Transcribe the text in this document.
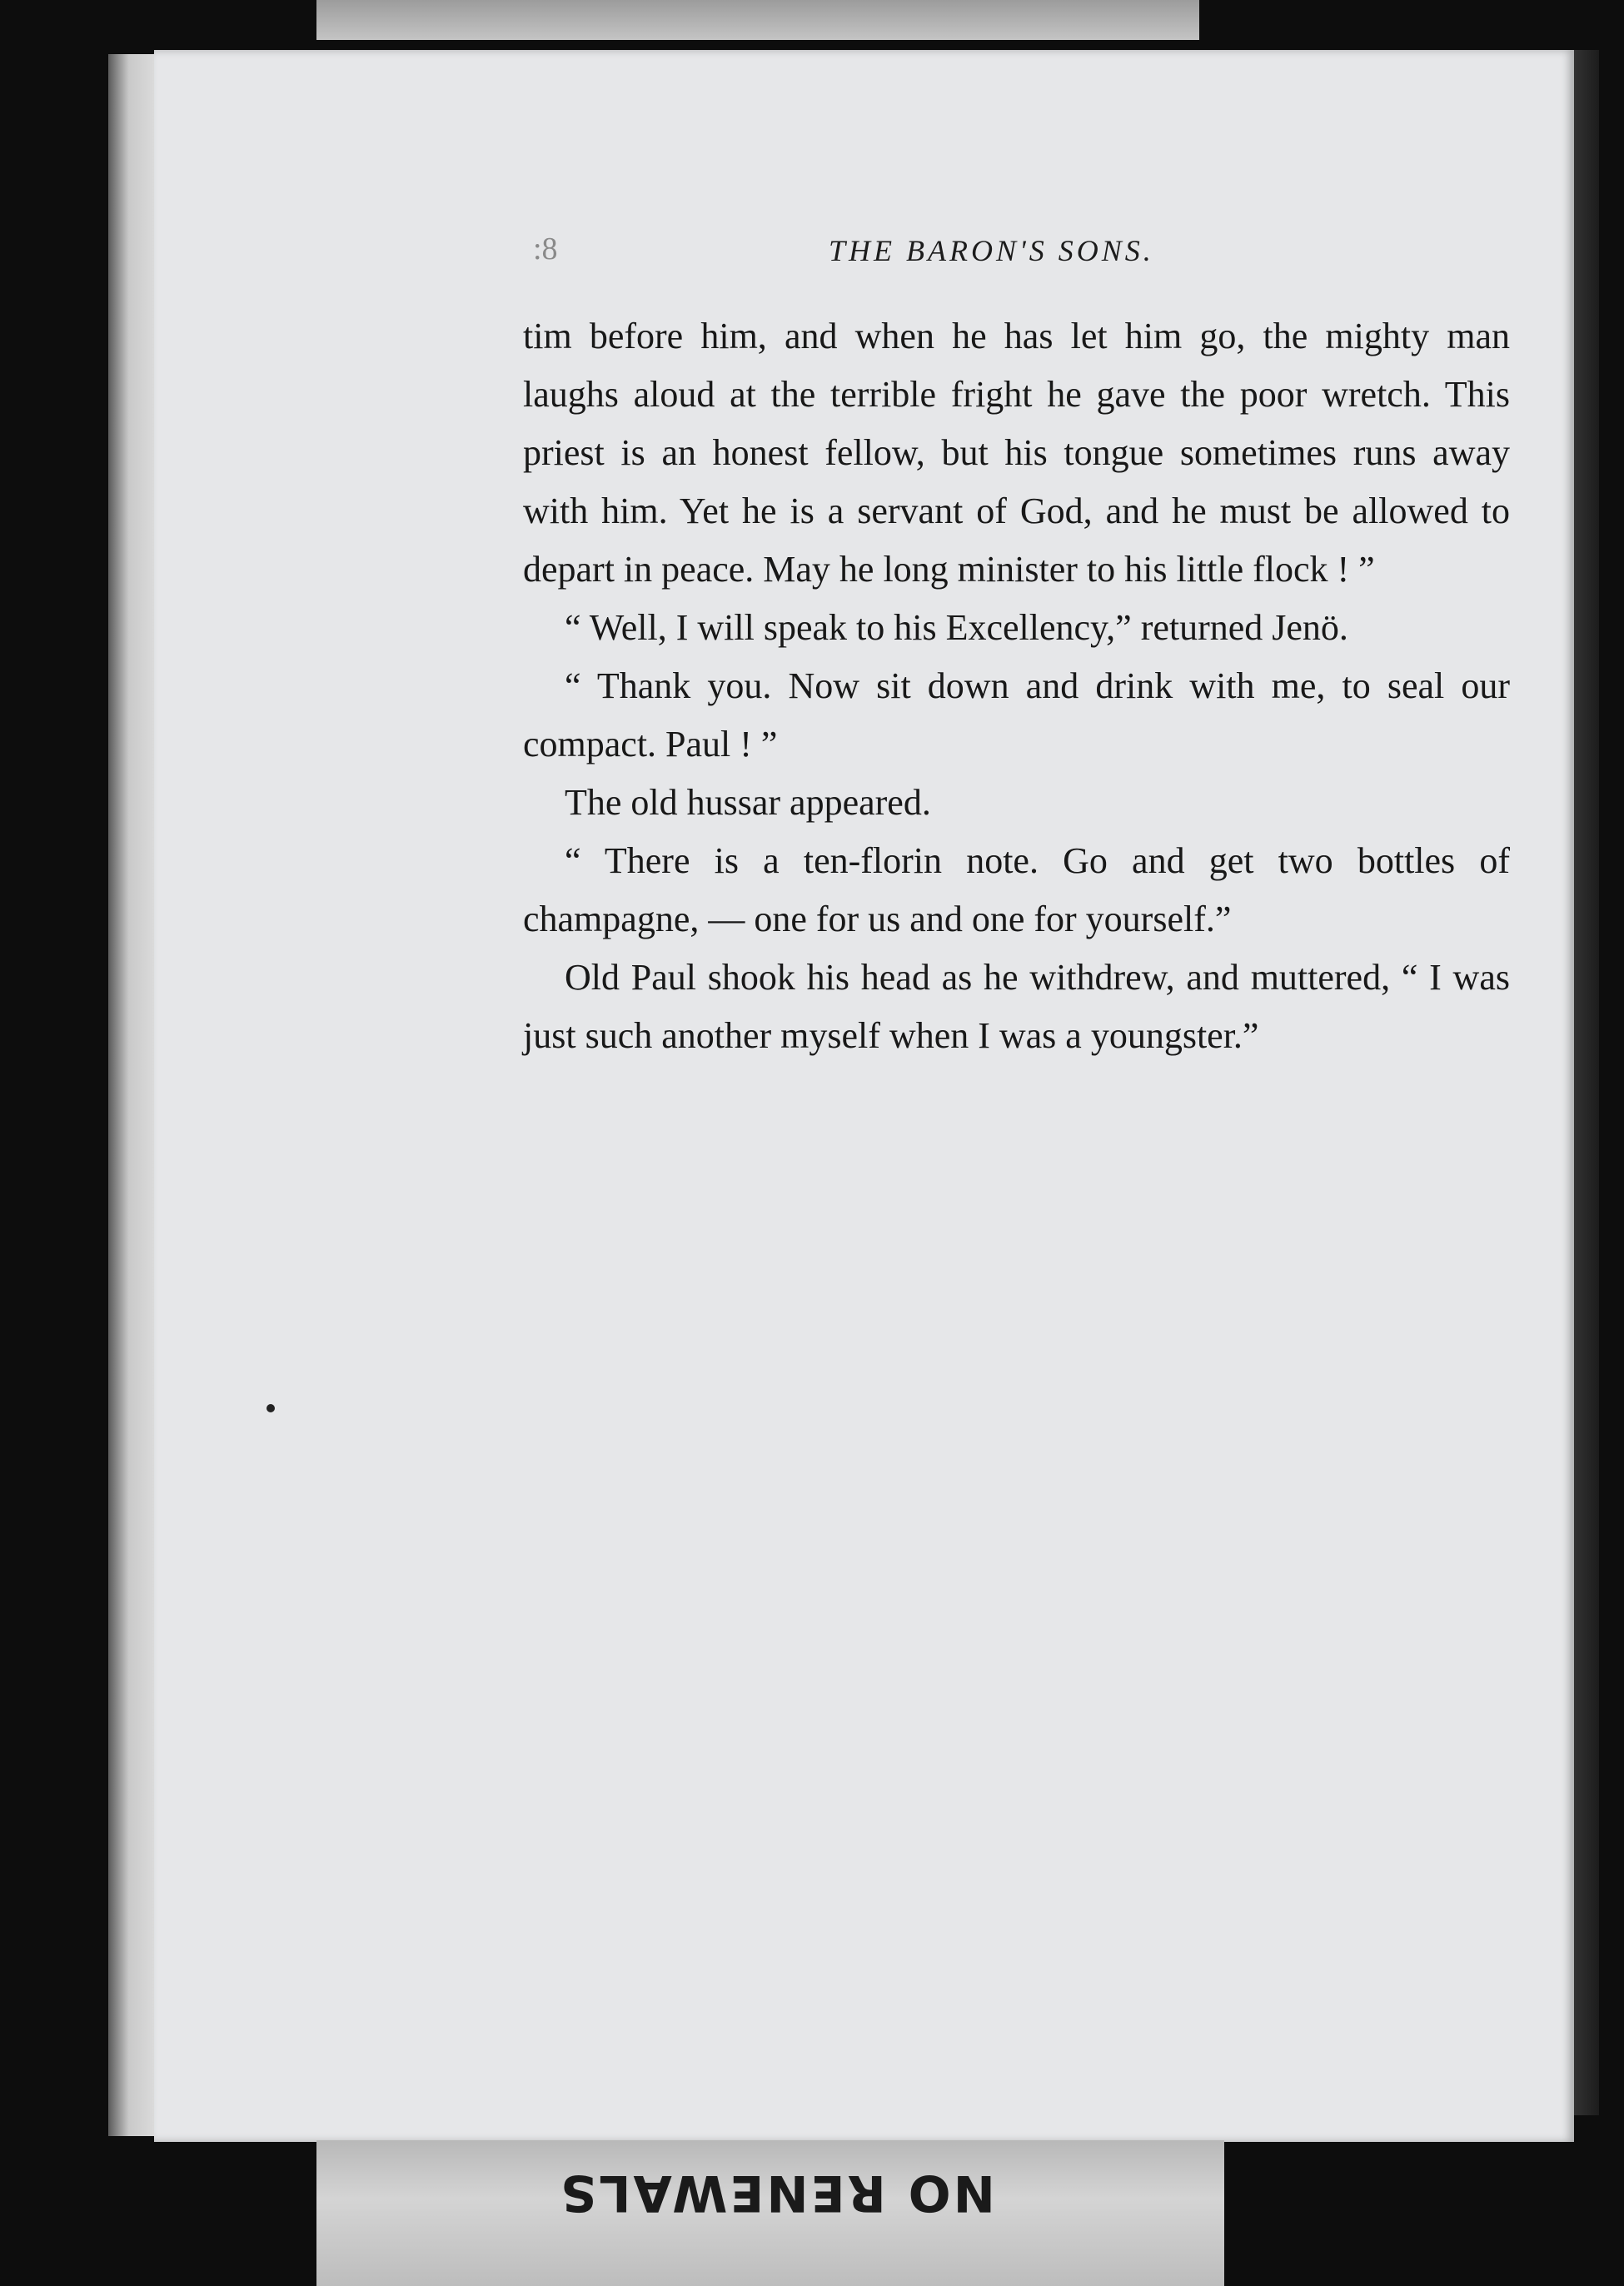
:8	THE BARON'S SONS.

tim before him, and when he has let him go, the mighty man laughs aloud at the terrible fright he gave the poor wretch. This priest is an honest fellow, but his tongue sometimes runs away with him. Yet he is a servant of God, and he must be allowed to depart in peace. May he long minister to his little flock ! ”

“ Well, I will speak to his Excellency,” returned Jenö.

“ Thank you. Now sit down and drink with me, to seal our compact. Paul ! ”

The old hussar appeared.

“ There is a ten-florin note. Go and get two bottles of champagne, — one for us and one for yourself.”

Old Paul shook his head as he withdrew, and muttered, “ I was just such another myself when I was a youngster.”

NO RENEWALS
